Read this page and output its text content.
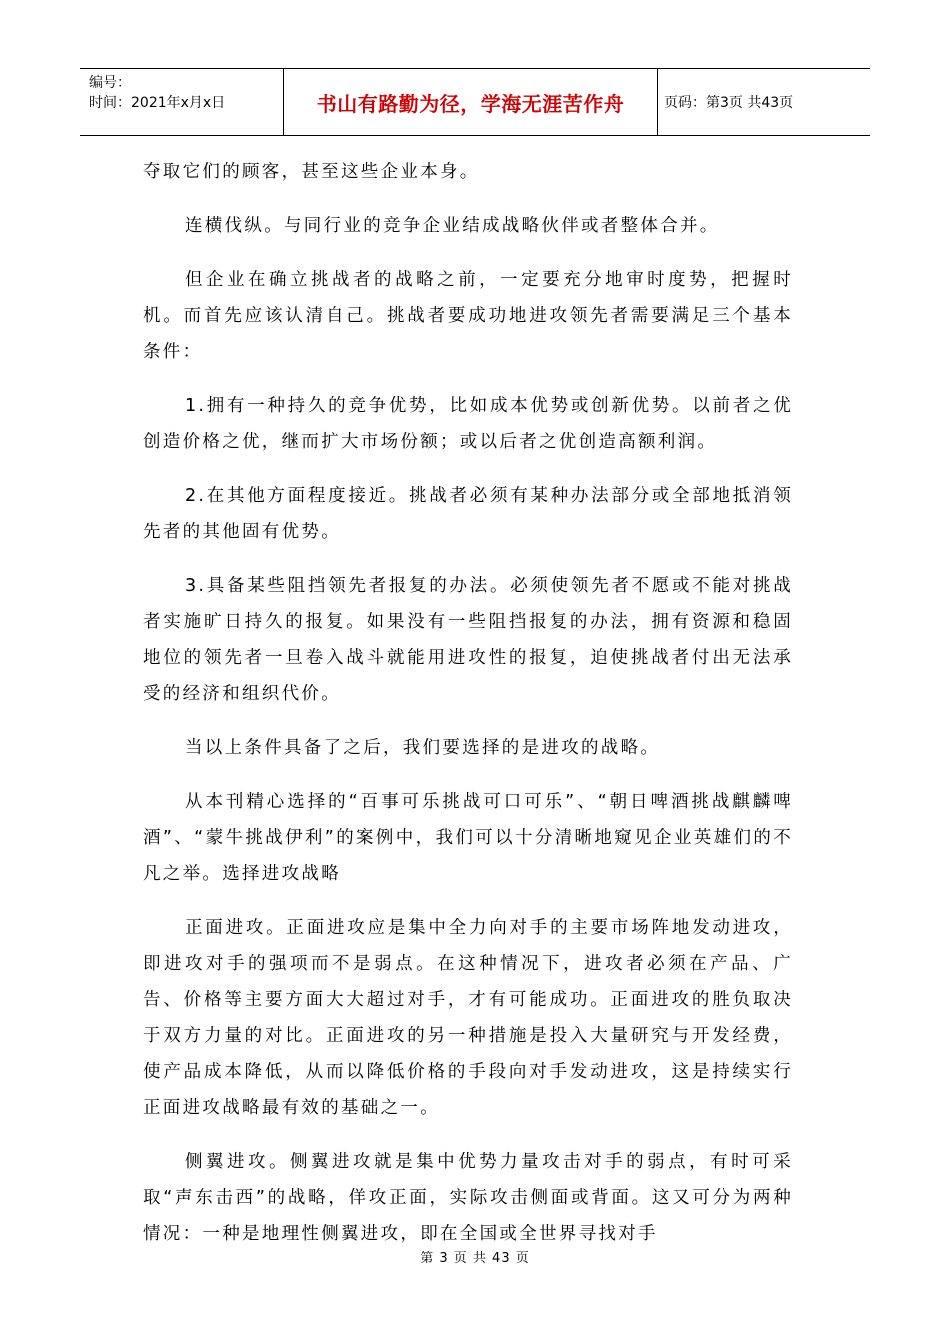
编号：
时间：2021年x月x日	书山有路勤为径，学海无涯苦作舟	页码：第3页 共43页

夺取它们的顾客，甚至这些企业本身。

连横伐纵。与同行业的竞争企业结成战略伙伴或者整体合并。

但企业在确立挑战者的战略之前，一定要充分地审时度势，把握时机。而首先应该认清自己。挑战者要成功地进攻领先者需要满足三个基本条件：

1.拥有一种持久的竞争优势，比如成本优势或创新优势。以前者之优创造价格之优，继而扩大市场份额；或以后者之优创造高额利润。

2.在其他方面程度接近。挑战者必须有某种办法部分或全部地抵消领先者的其他固有优势。

3.具备某些阻挡领先者报复的办法。必须使领先者不愿或不能对挑战者实施旷日持久的报复。如果没有一些阻挡报复的办法，拥有资源和稳固地位的领先者一旦卷入战斗就能用进攻性的报复，迫使挑战者付出无法承受的经济和组织代价。

当以上条件具备了之后，我们要选择的是进攻的战略。

从本刊精心选择的“百事可乐挑战可口可乐”、“朝日啤酒挑战麒麟啤酒”、“蒙牛挑战伊利”的案例中，我们可以十分清晰地窥见企业英雄们的不凡之举。选择进攻战略

正面进攻。正面进攻应是集中全力向对手的主要市场阵地发动进攻，即进攻对手的强项而不是弱点。在这种情况下，进攻者必须在产品、广告、价格等主要方面大大超过对手，才有可能成功。正面进攻的胜负取决于双方力量的对比。正面进攻的另一种措施是投入大量研究与开发经费，使产品成本降低，从而以降低价格的手段向对手发动进攻，这是持续实行正面进攻战略最有效的基础之一。

侧翼进攻。侧翼进攻就是集中优势力量攻击对手的弱点，有时可采取“声东击西”的战略，佯攻正面，实际攻击侧面或背面。这又可分为两种情况：一种是地理性侧翼进攻，即在全国或全世界寻找对手

第 3 页 共 43 页
